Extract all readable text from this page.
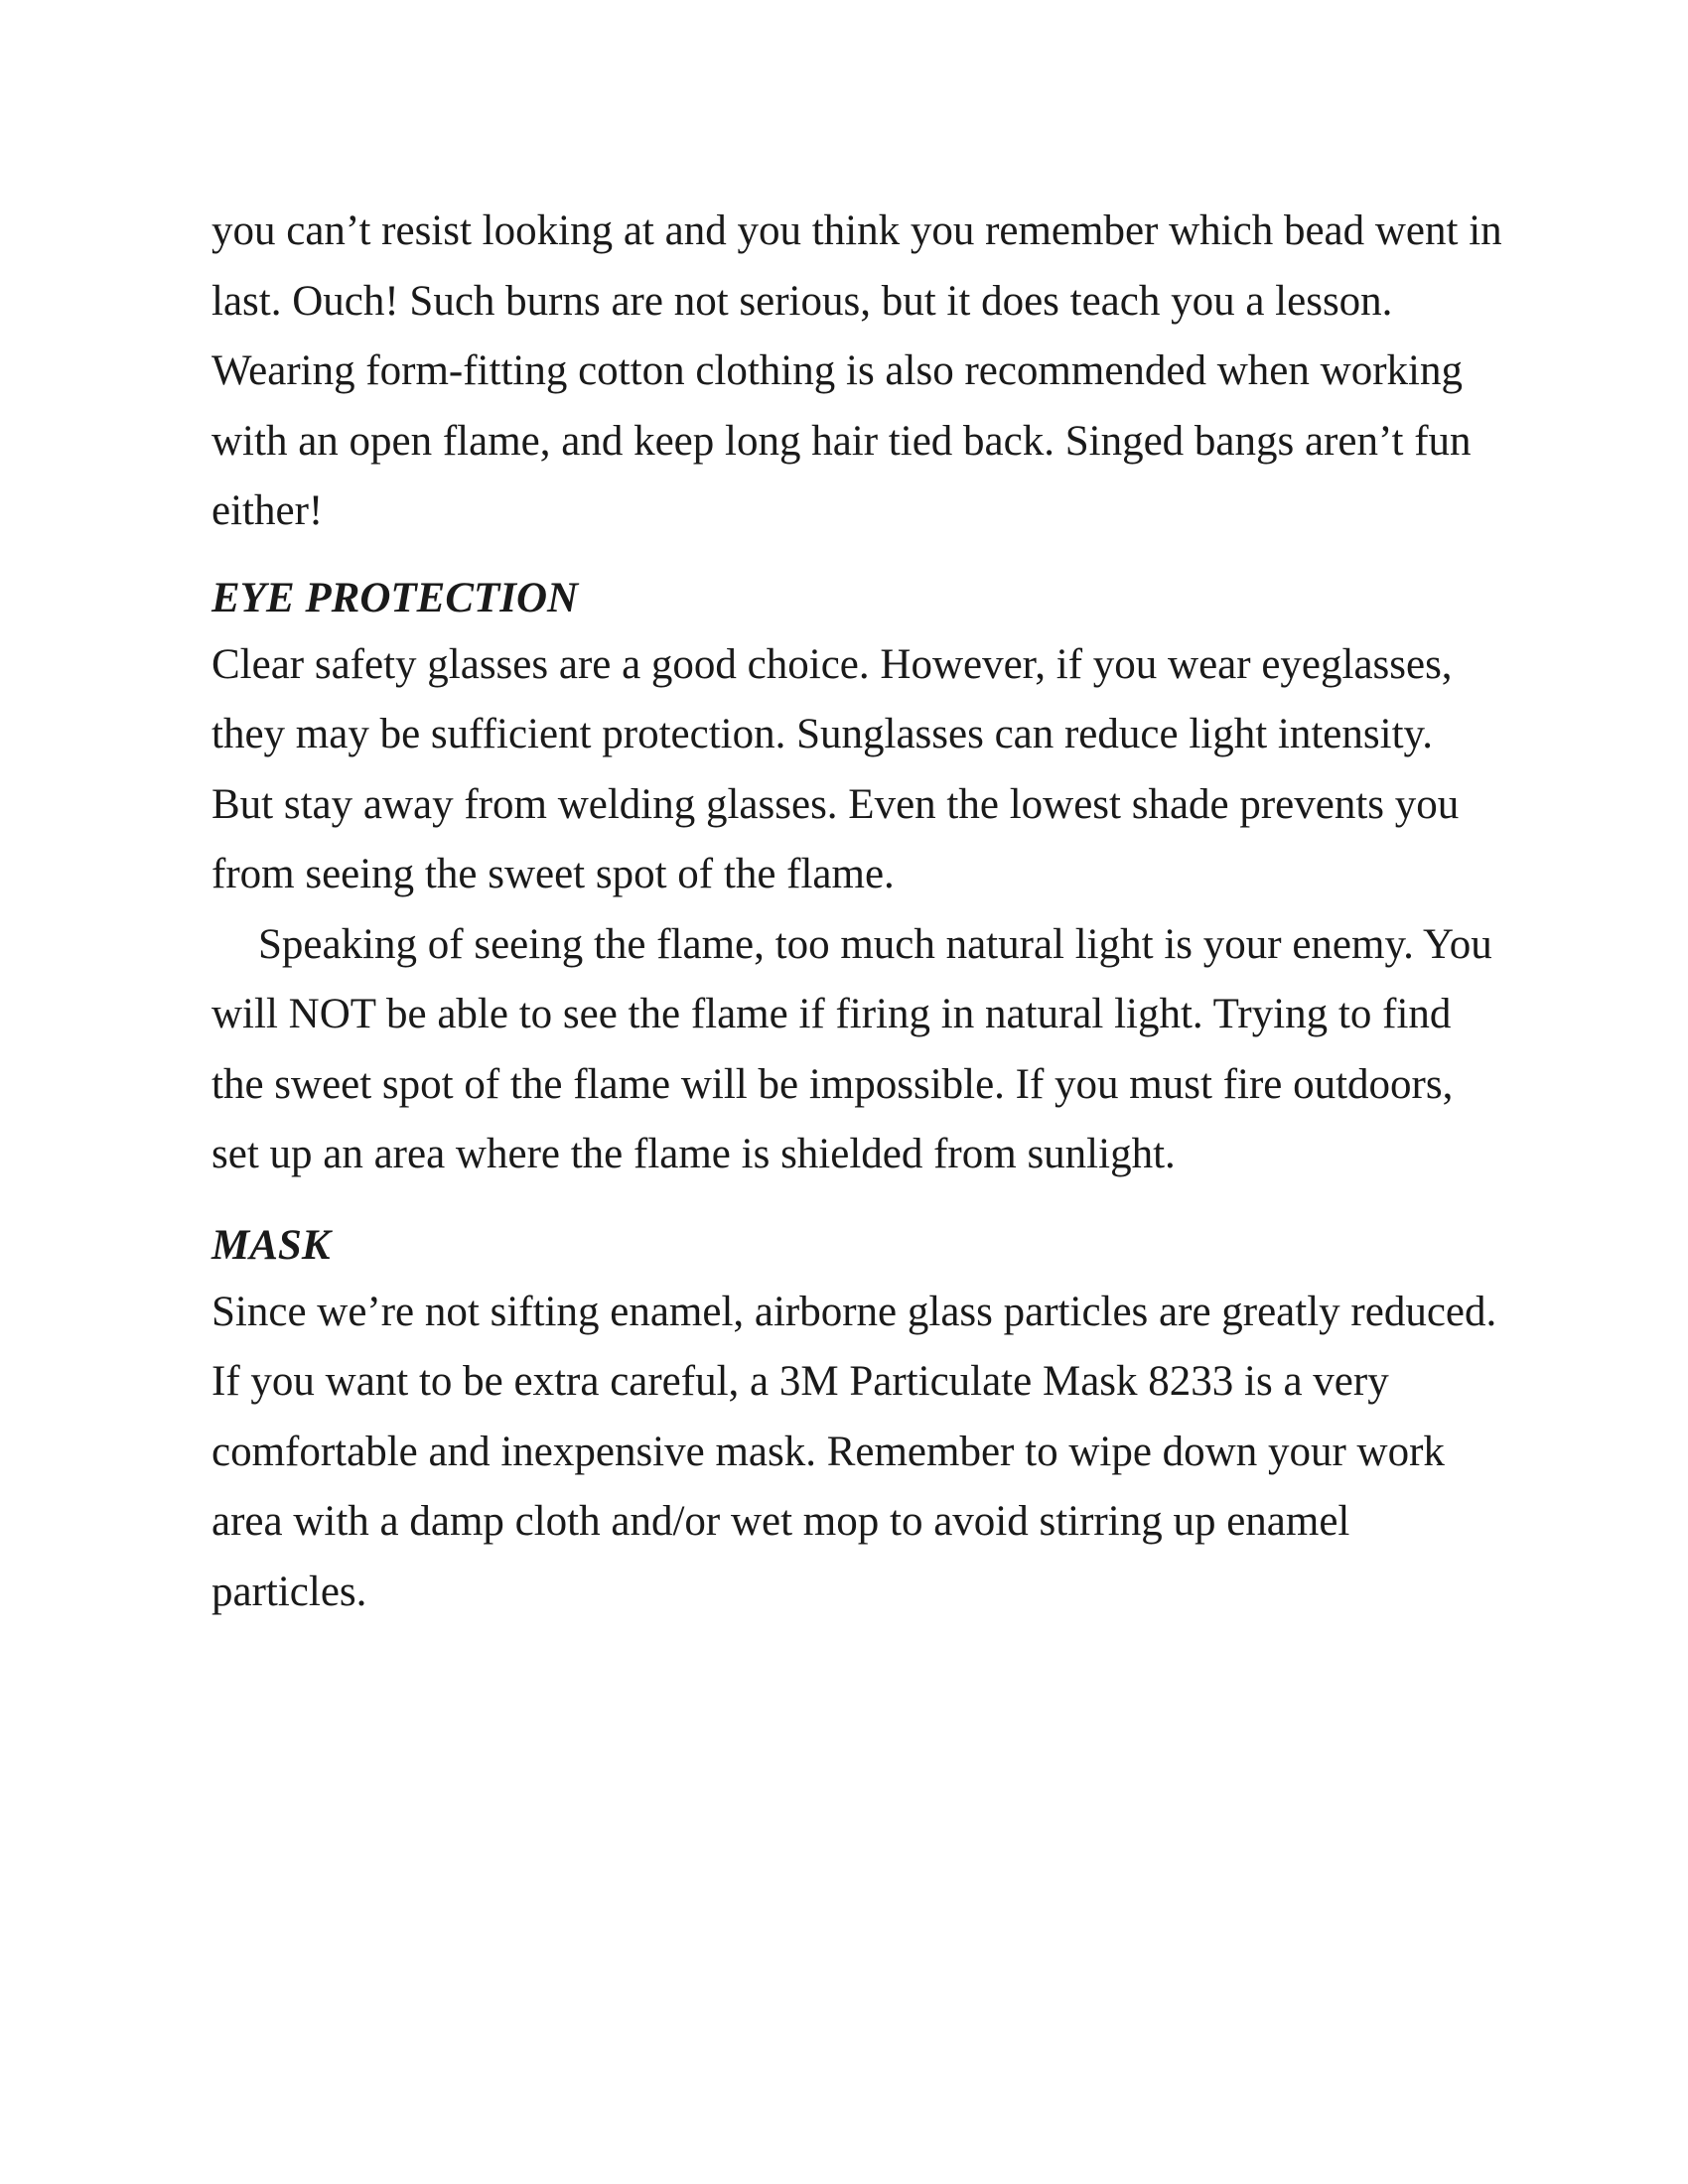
you can’t resist looking at and you think you remember which bead went in last. Ouch! Such burns are not serious, but it does teach you a lesson. Wearing form-fitting cotton clothing is also recommended when working with an open flame, and keep long hair tied back. Singed bangs aren’t fun either!

EYE PROTECTION

Clear safety glasses are a good choice. However, if you wear eyeglasses, they may be sufficient protection. Sunglasses can reduce light intensity. But stay away from welding glasses. Even the lowest shade prevents you from seeing the sweet spot of the flame.

Speaking of seeing the flame, too much natural light is your enemy. You will NOT be able to see the flame if firing in natural light. Trying to find the sweet spot of the flame will be impossible. If you must fire outdoors, set up an area where the flame is shielded from sunlight.

MASK

Since we’re not sifting enamel, airborne glass particles are greatly reduced. If you want to be extra careful, a 3M Particulate Mask 8233 is a very comfortable and inexpensive mask. Remember to wipe down your work area with a damp cloth and/or wet mop to avoid stirring up enamel particles.
